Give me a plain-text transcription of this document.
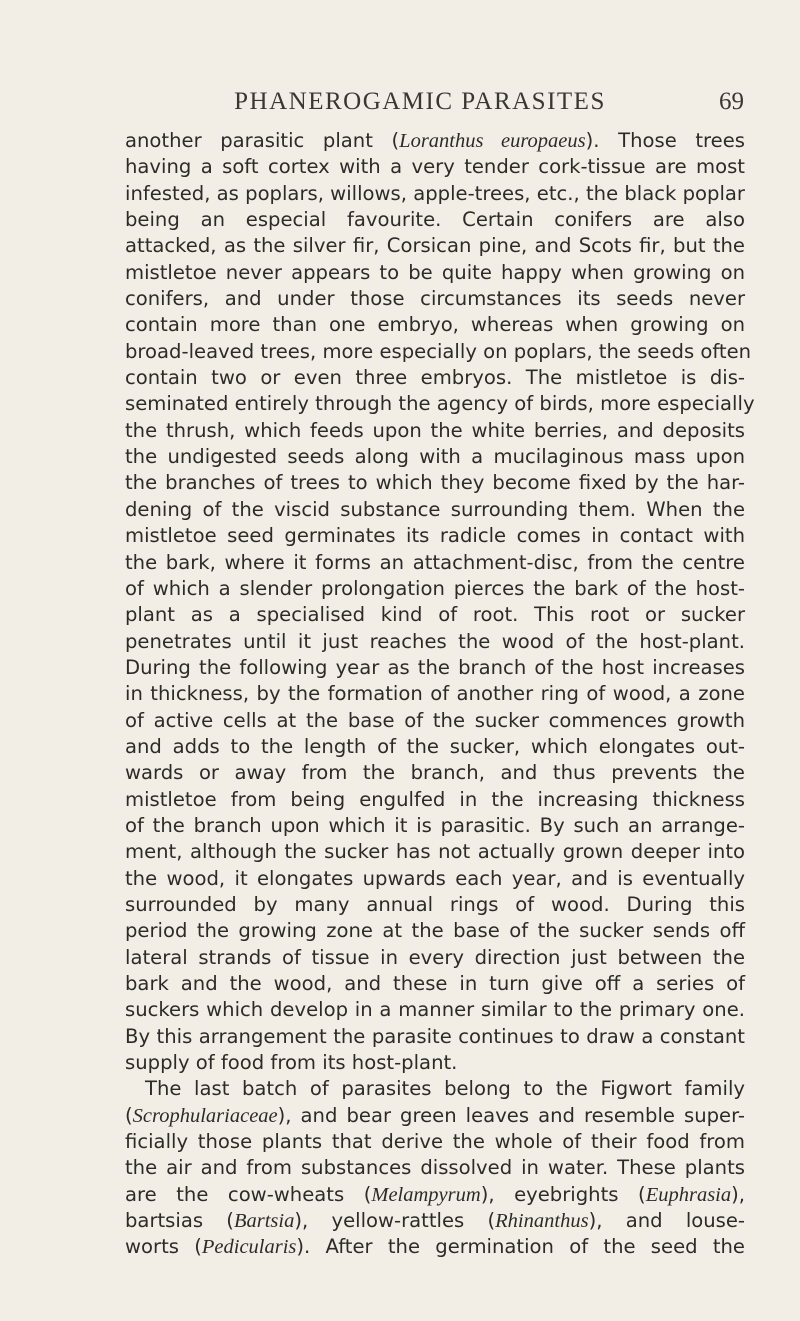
PHANEROGAMIC PARASITES	69
another parasitic plant (Loranthus europaeus). Those trees
having a soft cortex with a very tender cork-tissue are most
infested, as poplars, willows, apple-trees, etc., the black poplar
being an especial favourite. Certain conifers are also
attacked, as the silver fir, Corsican pine, and Scots fir, but the
mistletoe never appears to be quite happy when growing on
conifers, and under those circumstances its seeds never
contain more than one embryo, whereas when growing on
broad-leaved trees, more especially on poplars, the seeds often
contain two or even three embryos. The mistletoe is dis-
seminated entirely through the agency of birds, more especially
the thrush, which feeds upon the white berries, and deposits
the undigested seeds along with a mucilaginous mass upon
the branches of trees to which they become fixed by the har-
dening of the viscid substance surrounding them. When the
mistletoe seed germinates its radicle comes in contact with
the bark, where it forms an attachment-disc, from the centre
of which a slender prolongation pierces the bark of the host-
plant as a specialised kind of root. This root or sucker
penetrates until it just reaches the wood of the host-plant.
During the following year as the branch of the host increases
in thickness, by the formation of another ring of wood, a zone
of active cells at the base of the sucker commences growth
and adds to the length of the sucker, which elongates out-
wards or away from the branch, and thus prevents the
mistletoe from being engulfed in the increasing thickness
of the branch upon which it is parasitic. By such an arrange-
ment, although the sucker has not actually grown deeper into
the wood, it elongates upwards each year, and is eventually
surrounded by many annual rings of wood. During this
period the growing zone at the base of the sucker sends off
lateral strands of tissue in every direction just between the
bark and the wood, and these in turn give off a series of
suckers which develop in a manner similar to the primary one.
By this arrangement the parasite continues to draw a constant
supply of food from its host-plant.
The last batch of parasites belong to the Figwort family
(Scrophulariaceae), and bear green leaves and resemble super-
ficially those plants that derive the whole of their food from
the air and from substances dissolved in water. These plants
are the cow-wheats (Melampyrum), eyebrights (Euphrasia),
bartsias (Bartsia), yellow-rattles (Rhinanthus), and louse-
worts (Pedicularis). After the germination of the seed the
